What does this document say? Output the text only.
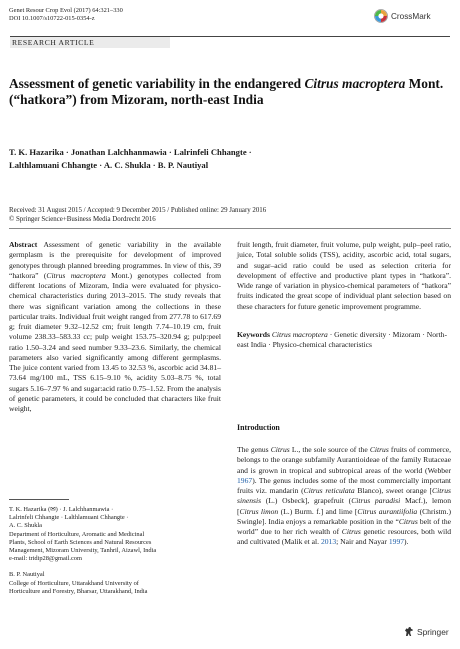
Genet Resour Crop Evol (2017) 64:321–330
DOI 10.1007/s10722-015-0354-z	CrossMark
RESEARCH ARTICLE
Assessment of genetic variability in the endangered Citrus macroptera Mont. (“hatkora”) from Mizoram, north-east India
T. K. Hazarika · Jonathan Lalchhanmawia · Lalrinfeli Chhangte ·
Lalthlamuani Chhangte · A. C. Shukla · B. P. Nautiyal
Received: 31 August 2015 / Accepted: 9 December 2015 / Published online: 29 January 2016
© Springer Science+Business Media Dordrecht 2016
Abstract Assessment of genetic variability in the available germplasm is the prerequisite for development of improved genotypes through planned breeding programmes. In view of this, 39 “hatkora” (Citrus macroptera Mont.) genotypes collected from different locations of Mizoram, India were evaluated for physico-chemical characteristics during 2013–2015. The study reveals that there was significant variation among the collections in these particular traits. Individual fruit weight ranged from 277.78 to 617.69 g; fruit diameter 9.32–12.52 cm; fruit length 7.74–10.19 cm, fruit volume 238.33–583.33 cc; pulp weight 153.75–320.94 g; pulp:peel ratio 1.50–3.24 and seed number 9.33–23.6. Similarly, the chemical parameters also varied significantly among different germplasms. The juice content varied from 13.45 to 32.53 %, ascorbic acid 34.81–73.64 mg/100 mL, TSS 6.15–9.10 %, acidity 5.03–8.75 %, total sugars 5.16–7.97 % and sugar:acid ratio 0.75–1.52. From the analysis of genetic parameters, it could be concluded that characters like fruit weight,
fruit length, fruit diameter, fruit volume, pulp weight, pulp–peel ratio, juice, Total soluble solids (TSS), acidity, ascorbic acid, total sugars, and sugar–acid ratio could be used as selection criteria for development of effective and productive plant types in “hatkora”. Wide range of variation in physico-chemical parameters of “hatkora” fruits indicated the great scope of individual plant selection based on these characters for future genetic improvement programme.
Keywords Citrus macroptera · Genetic diversity · Mizoram · North-east India · Physico-chemical characteristics
Introduction
The genus Citrus L., the sole source of the Citrus fruits of commerce, belongs to the orange subfamily Aurantioideae of the family Rutaceae and is grown in tropical and subtropical areas of the world (Webber 1967). The genus includes some of the most commercially important fruits viz. mandarin (Citrus reticulata Blanco), sweet orange [Citrus sinensis (L.) Osbeck], grapefruit (Citrus paradisi Macf.), lemon [Citrus limon (L.) Burm. f.] and lime [Citrus aurantiifolia (Christm.) Swingle]. India enjoys a remarkable position in the “Citrus belt of the world” due to her rich wealth of Citrus genetic resources, both wild and cultivated (Malik et al. 2013; Nair and Nayar 1997).

T. K. Hazarika (✉) · J. Lalchhanmawia ·

Lalrinfeli Chhangte · Lalthlamuani Chhangte ·

A. C. Shukla

Department of Horticulture, Aromatic and Medicinal

Plants, School of Earth Sciences and Natural Resources

Management, Mizoram University, Tanhril, Aizawl, India

e-mail: tridip28@gmail.com

B. P. Nautiyal

College of Horticulture, Uttarakhand University of

Horticulture and Forestry, Bharsar, Uttarakhand, India

Springer
